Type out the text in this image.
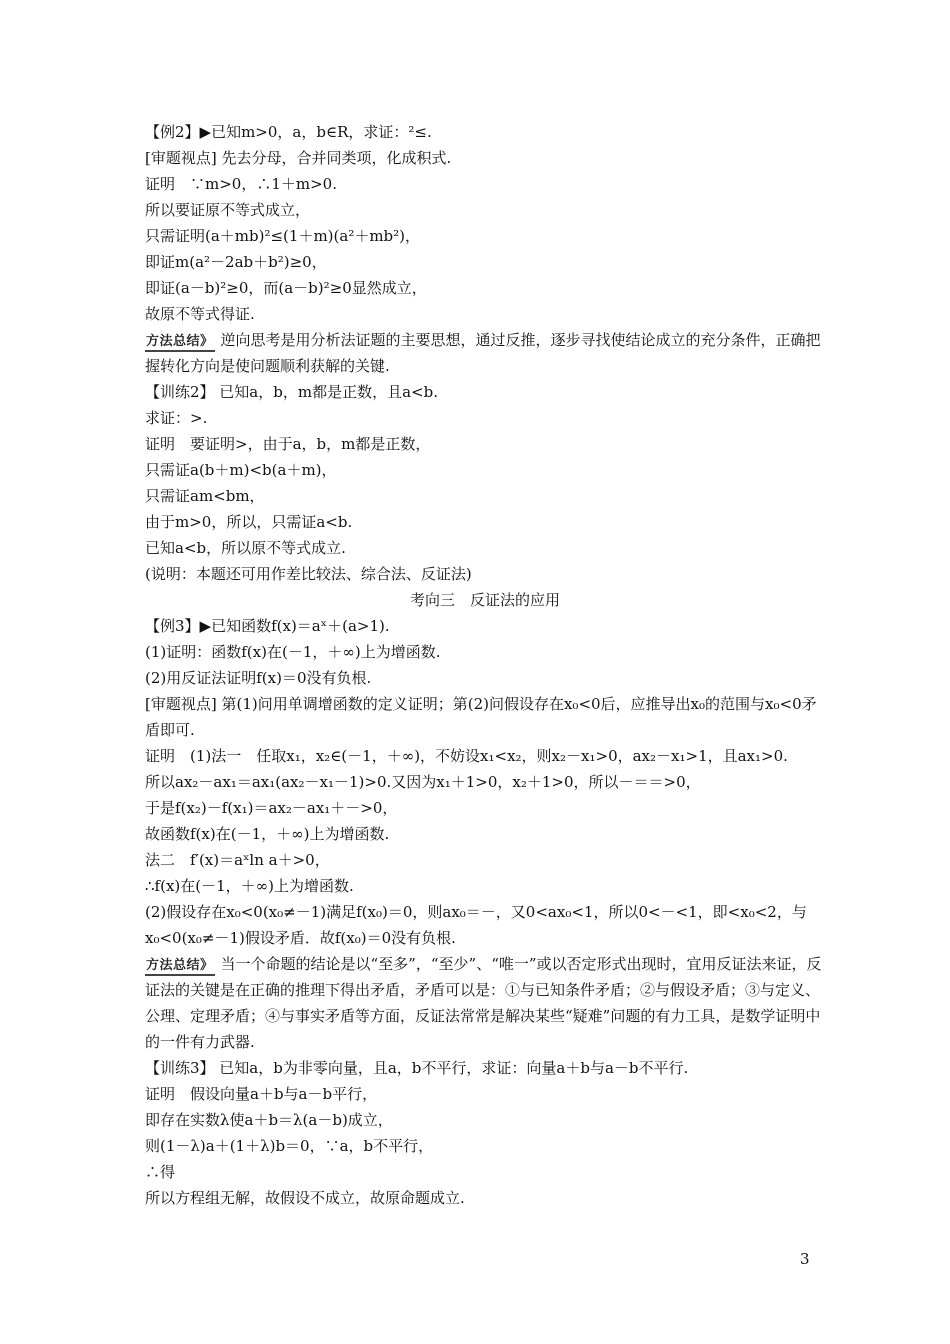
【例2】▶已知m>0，a，b∈R，求证：²≤.
[审题视点] 先去分母，合并同类项，化成积式.
证明　∵m>0，∴1＋m>0.
所以要证原不等式成立，
只需证明(a＋mb)²≤(1＋m)(a²＋mb²)，
即证m(a²－2ab＋b²)≥0，
即证(a－b)²≥0，而(a－b)²≥0显然成立，
故原不等式得证.
方法总结》 逆向思考是用分析法证题的主要思想，通过反推，逐步寻找使结论成立的充分条件，正确把握转化方向是使问题顺利获解的关键.
【训练2】 已知a，b，m都是正数，且a<b.
求证：>.
证明　要证明>，由于a，b，m都是正数，
只需证a(b＋m)<b(a＋m)，
只需证am<bm，
由于m>0，所以，只需证a<b.
已知a<b，所以原不等式成立.
(说明：本题还可用作差比较法、综合法、反证法)
考向三　反证法的应用
【例3】▶已知函数f(x)＝aˣ＋(a>1).
(1)证明：函数f(x)在(－1，＋∞)上为增函数.
(2)用反证法证明f(x)＝0没有负根.
[审题视点] 第(1)问用单调增函数的定义证明；第(2)问假设存在x₀<0后，应推导出x₀的范围与x₀<0矛盾即可.
证明　(1)法一　任取x₁，x₂∈(－1，＋∞)，不妨设x₁<x₂，则x₂－x₁>0，ax₂－x₁>1，且ax₁>0.
所以ax₂－ax₁＝ax₁(ax₂－x₁－1)>0.又因为x₁＋1>0，x₂＋1>0，所以－＝＝>0，
于是f(x₂)－f(x₁)＝ax₂－ax₁＋－>0，
故函数f(x)在(－1，＋∞)上为增函数.
法二　f′(x)＝aˣln a＋>0，
∴f(x)在(－1，＋∞)上为增函数.
(2)假设存在x₀<0(x₀≠－1)满足f(x₀)＝0，则ax₀＝－，又0<ax₀<1，所以0<－<1，即<x₀<2，与x₀<0(x₀≠－1)假设矛盾．故f(x₀)＝0没有负根.
方法总结》 当一个命题的结论是以“至多”，“至少”、“唯一”或以否定形式出现时，宜用反证法来证，反证法的关键是在正确的推理下得出矛盾，矛盾可以是：①与已知条件矛盾；②与假设矛盾；③与定义、公理、定理矛盾；④与事实矛盾等方面，反证法常常是解决某些“疑难”问题的有力工具，是数学证明中的一件有力武器.
【训练3】 已知a，b为非零向量，且a，b不平行，求证：向量a＋b与a－b不平行.
证明　假设向量a＋b与a－b平行，
即存在实数λ使a＋b＝λ(a－b)成立，
则(1－λ)a＋(1＋λ)b＝0，∵a，b不平行，
∴得
所以方程组无解，故假设不成立，故原命题成立.
3
